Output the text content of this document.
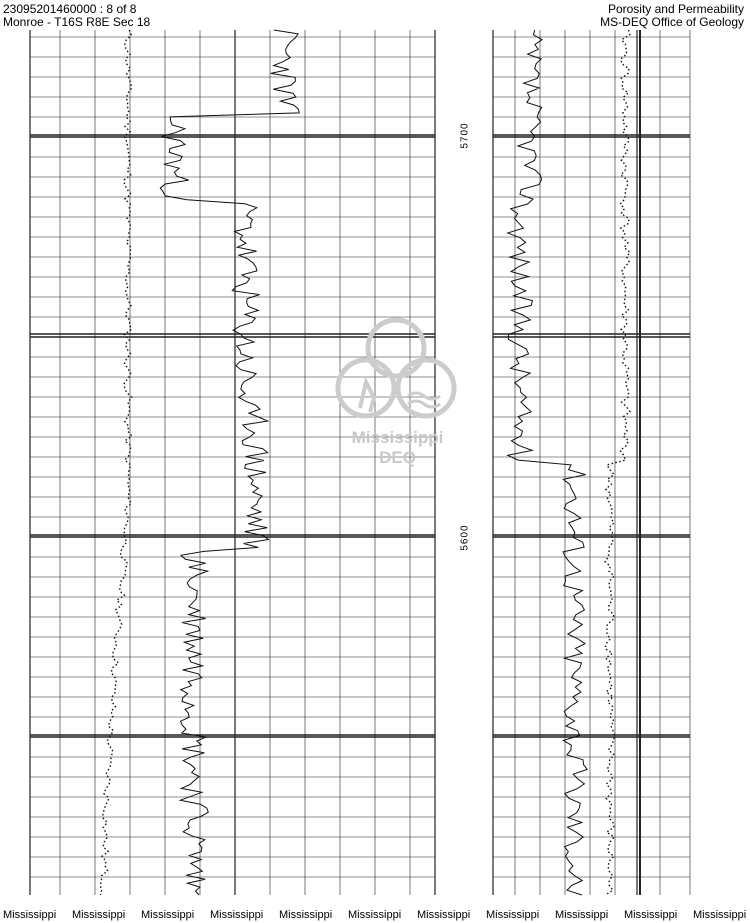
23095201460000 : 8 of 8
Monroe - T16S R8E Sec 18
Porosity and Permeability
MS-DEQ Office of Geology
5700
5600
Mississippi
DEQ
Mississippi Mississippi Mississippi Mississippi Mississippi Mississippi Mississippi Mississippi Mississippi Mississippi Mississippi
